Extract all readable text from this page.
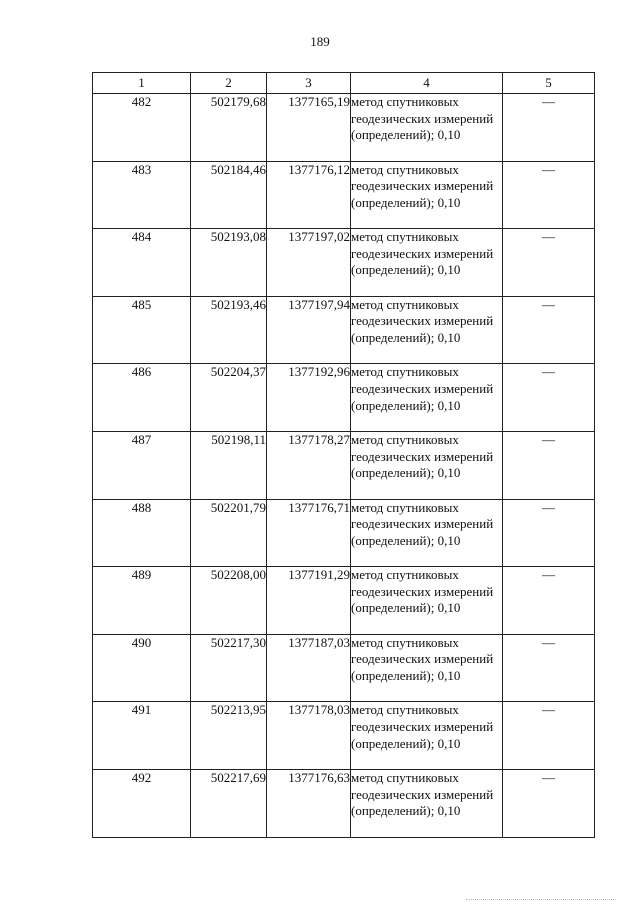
189
1	2	3	4	5
482	502179,68	1377165,19	метод спутниковых геодезических измерений (определений); 0,10	—
483	502184,46	1377176,12	метод спутниковых геодезических измерений (определений); 0,10	—
484	502193,08	1377197,02	метод спутниковых геодезических измерений (определений); 0,10	—
485	502193,46	1377197,94	метод спутниковых геодезических измерений (определений); 0,10	—
486	502204,37	1377192,96	метод спутниковых геодезических измерений (определений); 0,10	—
487	502198,11	1377178,27	метод спутниковых геодезических измерений (определений); 0,10	—
488	502201,79	1377176,71	метод спутниковых геодезических измерений (определений); 0,10	—
489	502208,00	1377191,29	метод спутниковых геодезических измерений (определений); 0,10	—
490	502217,30	1377187,03	метод спутниковых геодезических измерений (определений); 0,10	—
491	502213,95	1377178,03	метод спутниковых геодезических измерений (определений); 0,10	—
492	502217,69	1377176,63	метод спутниковых геодезических измерений (определений); 0,10	—
